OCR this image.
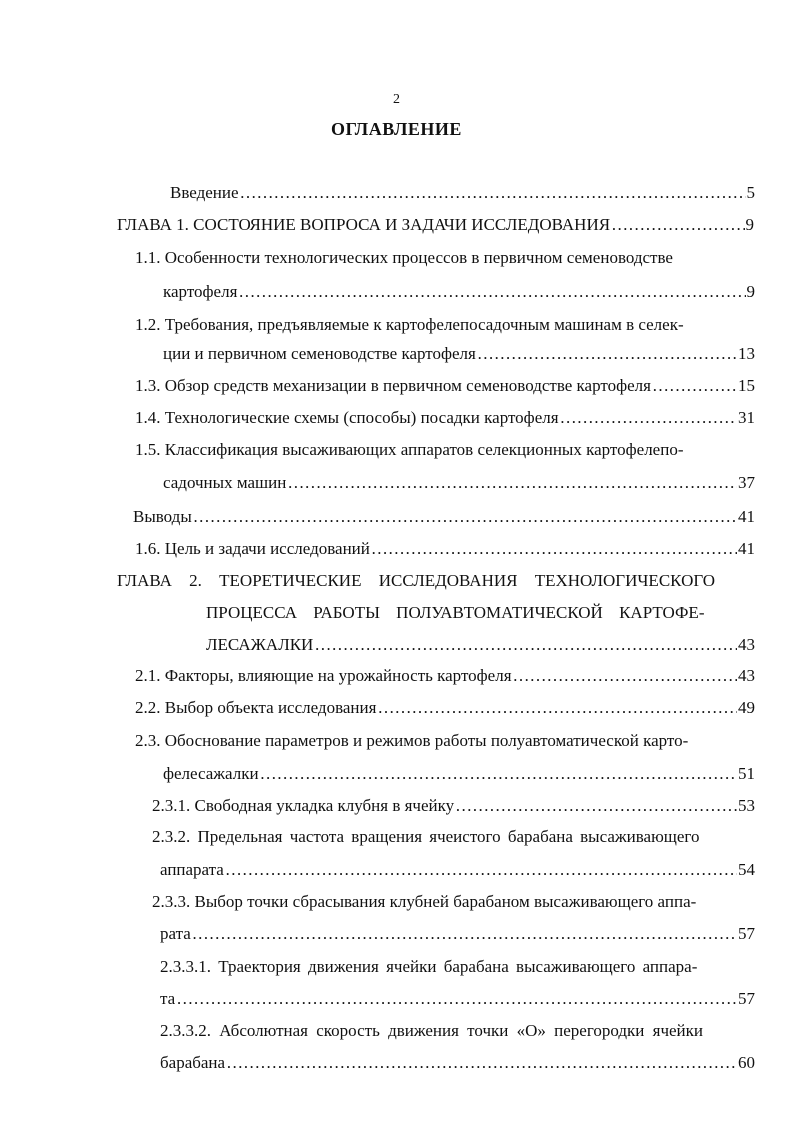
2
ОГЛАВЛЕНИЕ
Введение ……………………………………………………………………………………………………………………………………………………………………………………………………………………………	5
ГЛАВА 1. СОСТОЯНИЕ ВОПРОСА И ЗАДАЧИ ИССЛЕДОВАНИЯ ……………………………………………………………………………………………………………………………………………………………………………………………………………………………	9
1.1. Особенности технологических процессов в первичном семеноводстве
картофеля ……………………………………………………………………………………………………………………………………………………………………………………………………………………………	9
1.2. Требования, предъявляемые к картофелепосадочным машинам в селек-
ции и первичном семеноводстве картофеля ……………………………………………………………………………………………………………………………………………………………………………………………………………………………	13
1.3. Обзор средств механизации в первичном семеноводстве картофеля ……………………………………………………………………………………………………………………………………………………………………………………………………………………………	15
1.4. Технологические схемы (способы) посадки картофеля ……………………………………………………………………………………………………………………………………………………………………………………………………………………………	31
1.5. Классификация высаживающих аппаратов селекционных картофелепо-
садочных машин ……………………………………………………………………………………………………………………………………………………………………………………………………………………………	37
Выводы ……………………………………………………………………………………………………………………………………………………………………………………………………………………………	41
1.6. Цель и задачи исследований ……………………………………………………………………………………………………………………………………………………………………………………………………………………………	41
ГЛАВА 2. ТЕОРЕТИЧЕСКИЕ ИССЛЕДОВАНИЯ ТЕХНОЛОГИЧЕСКОГО
ПРОЦЕССА РАБОТЫ ПОЛУАВТОМАТИЧЕСКОЙ КАРТОФЕ-
ЛЕСАЖАЛКИ ……………………………………………………………………………………………………………………………………………………………………………………………………………………………	43
2.1. Факторы, влияющие на урожайность картофеля ……………………………………………………………………………………………………………………………………………………………………………………………………………………………	43
2.2. Выбор объекта исследования ……………………………………………………………………………………………………………………………………………………………………………………………………………………………	49
2.3. Обоснование параметров и режимов работы полуавтоматической карто-
фелесажалки ……………………………………………………………………………………………………………………………………………………………………………………………………………………………	51
2.3.1. Свободная укладка клубня в ячейку ……………………………………………………………………………………………………………………………………………………………………………………………………………………………	53
2.3.2. Предельная частота вращения ячеистого барабана высаживающего
аппарата ……………………………………………………………………………………………………………………………………………………………………………………………………………………………	54
2.3.3. Выбор точки сбрасывания клубней барабаном высаживающего аппа-
рата ……………………………………………………………………………………………………………………………………………………………………………………………………………………………	57
2.3.3.1. Траектория движения ячейки барабана высаживающего аппара-
та ……………………………………………………………………………………………………………………………………………………………………………………………………………………………	57
2.3.3.2. Абсолютная скорость движения точки «О» перегородки ячейки
барабана ……………………………………………………………………………………………………………………………………………………………………………………………………………………………	60
